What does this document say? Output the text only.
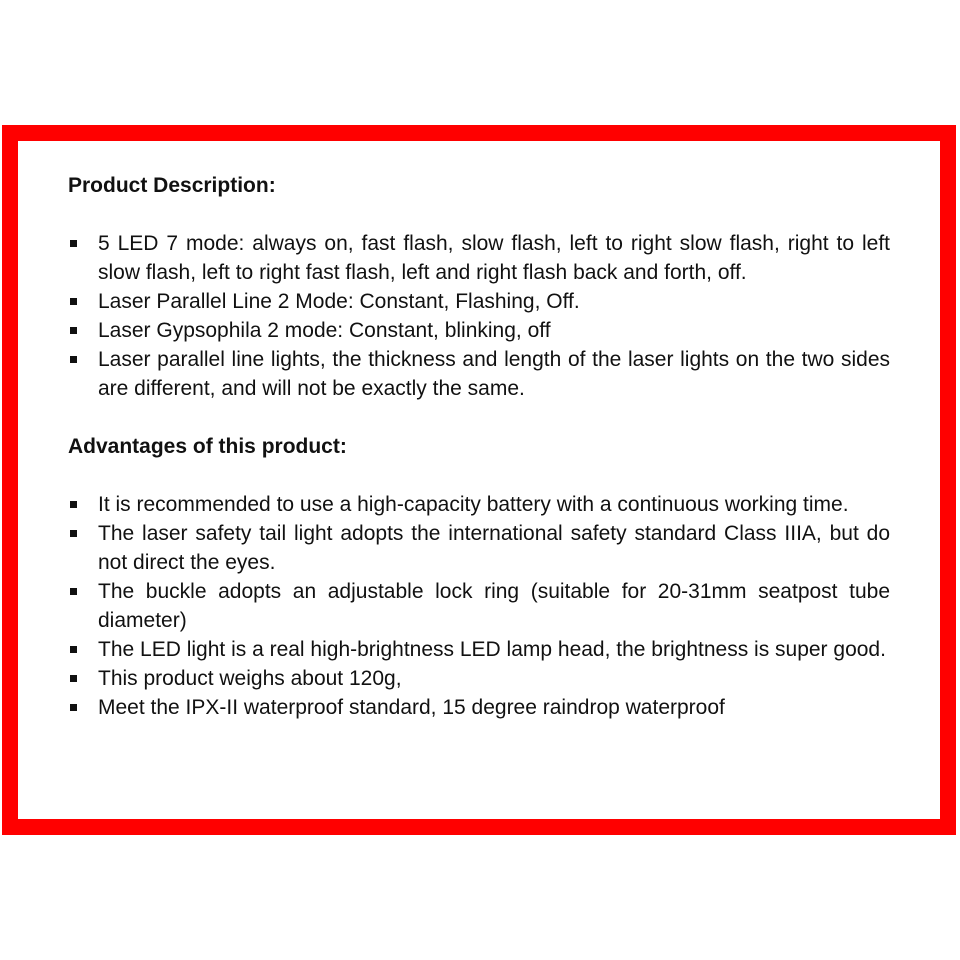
Product Description:

5 LED 7 mode: always on, fast flash, slow flash, left to right slow flash, right to left slow flash, left to right fast flash, left and right flash back and forth, off.
Laser Parallel Line 2 Mode: Constant, Flashing, Off.
Laser Gypsophila 2 mode: Constant, blinking, off
Laser parallel line lights, the thickness and length of the laser lights on the two sides are different, and will not be exactly the same.

Advantages of this product:

It is recommended to use a high-capacity battery with a continuous working time.
The laser safety tail light adopts the international safety standard Class IIIA, but do not direct the eyes.
The buckle adopts an adjustable lock ring (suitable for 20-31mm seatpost tube diameter)
The LED light is a real high-brightness LED lamp head, the brightness is super good.
This product weighs about 120g,
Meet the IPX-II waterproof standard, 15 degree raindrop waterproof
